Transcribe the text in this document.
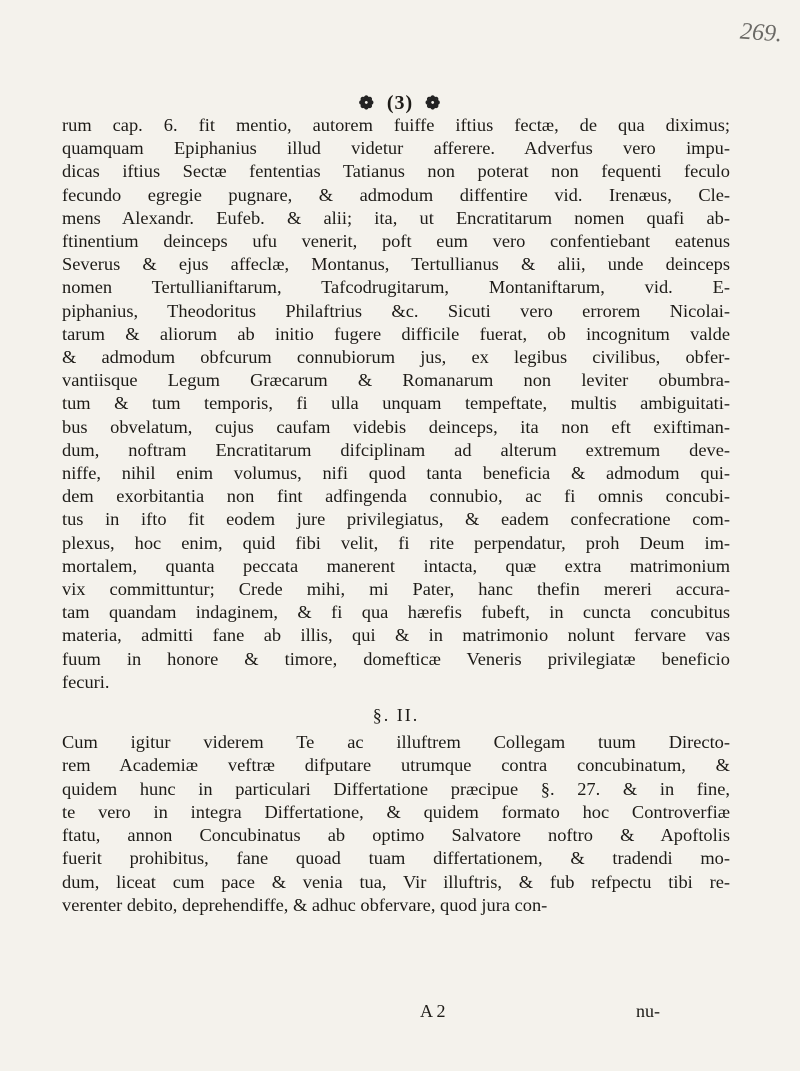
269.
❁ (3) ❁
rum cap. 6. fit mentio, autorem fuiffe iftius fectæ, de qua diximus;
quamquam Epiphanius illud videtur afferere. Adverfus vero impu-
dicas iftius Sectæ fententias Tatianus non poterat non fequenti feculo
fecundo egregie pugnare, & admodum diffentire vid. Irenæus, Cle-
mens Alexandr. Eufeb. & alii; ita, ut Encratitarum nomen quafi ab-
ftinentium deinceps ufu venerit, poft eum vero confentiebant eatenus
Severus & ejus affeclæ, Montanus, Tertullianus & alii, unde deinceps
nomen Tertullianiftarum, Tafcodrugitarum, Montaniftarum, vid. E-
piphanius, Theodoritus Philaftrius &c. Sicuti vero errorem Nicolai-
tarum & aliorum ab initio fugere difficile fuerat, ob incognitum valde
& admodum obfcurum connubiorum jus, ex legibus civilibus, obfer-
vantiisque Legum Græcarum & Romanarum non leviter obumbra-
tum & tum temporis, fi ulla unquam tempeftate, multis ambiguitati-
bus obvelatum, cujus caufam videbis deinceps, ita non eft exiftiman-
dum, noftram Encratitarum difciplinam ad alterum extremum deve-
niffe, nihil enim volumus, nifi quod tanta beneficia & admodum qui-
dem exorbitantia non fint adfingenda connubio, ac fi omnis concubi-
tus in ifto fit eodem jure privilegiatus, & eadem confecratione com-
plexus, hoc enim, quid fibi velit, fi rite perpendatur, proh Deum im-
mortalem, quanta peccata manerent intacta, quæ extra matrimonium
vix committuntur; Crede mihi, mi Pater, hanc thefin mereri accura-
tam quandam indaginem, & fi qua hærefis fubeft, in cuncta concubitus
materia, admitti fane ab illis, qui & in matrimonio nolunt fervare vas
fuum in honore & timore, domefticæ Veneris privilegiatæ beneficio
fecuri.
§. II.
Cum igitur viderem Te ac illuftrem Collegam tuum Directo-
rem Academiæ veftræ difputare utrumque contra concubinatum, &
quidem hunc in particulari Differtatione præcipue §. 27. & in fine,
te vero in integra Differtatione, & quidem formato hoc Controverfiæ
ftatu, annon Concubinatus ab optimo Salvatore noftro & Apoftolis
fuerit prohibitus, fane quoad tuam differtationem, & tradendi mo-
dum, liceat cum pace & venia tua, Vir illuftris, & fub refpectu tibi re-
verenter debito, deprehendiffe, & adhuc obfervare, quod jura con-
A 2	nu-
